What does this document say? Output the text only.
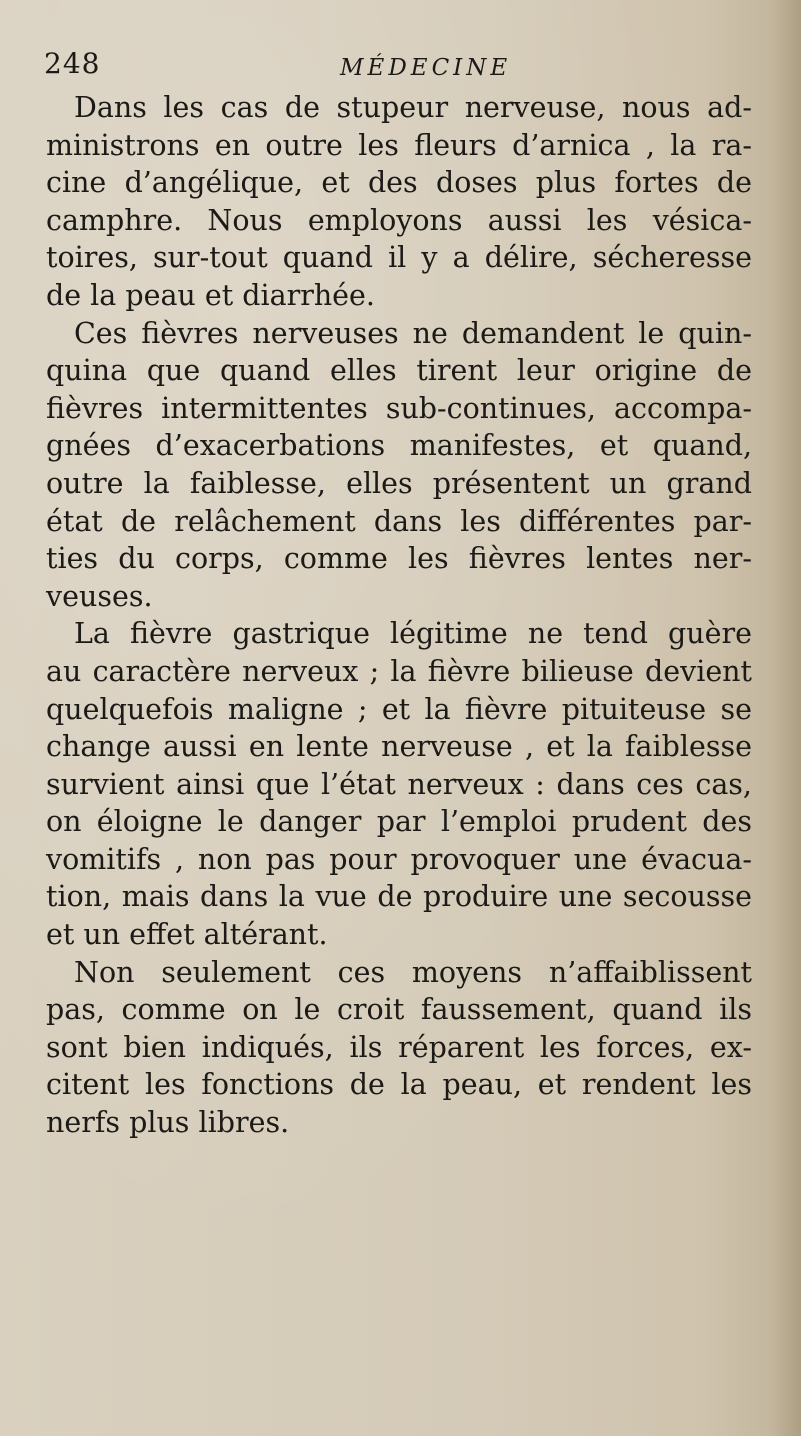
248	MÉDECINE
Dans les cas de stupeur nerveuse, nous ad-
ministrons en outre les fleurs d’arnica , la ra-
cine d’angélique, et des doses plus fortes de
camphre. Nous employons aussi les vésica-
toires, sur-tout quand il y a délire, sécheresse
de la peau et diarrhée.
Ces fièvres nerveuses ne demandent le quin-
quina que quand elles tirent leur origine de
fièvres intermittentes sub-continues, accompa-
gnées d’exacerbations manifestes, et quand,
outre la faiblesse, elles présentent un grand
état de relâchement dans les différentes par-
ties du corps, comme les fièvres lentes ner-
veuses.
La fièvre gastrique légitime ne tend guère
au caractère nerveux ; la fièvre bilieuse devient
quelquefois maligne ; et la fièvre pituiteuse se
change aussi en lente nerveuse , et la faiblesse
survient ainsi que l’état nerveux : dans ces cas,
on éloigne le danger par l’emploi prudent des
vomitifs , non pas pour provoquer une évacua-
tion, mais dans la vue de produire une secousse
et un effet altérant.
Non seulement ces moyens n’affaiblissent
pas, comme on le croit faussement, quand ils
sont bien indiqués, ils réparent les forces, ex-
citent les fonctions de la peau, et rendent les
nerfs plus libres.
